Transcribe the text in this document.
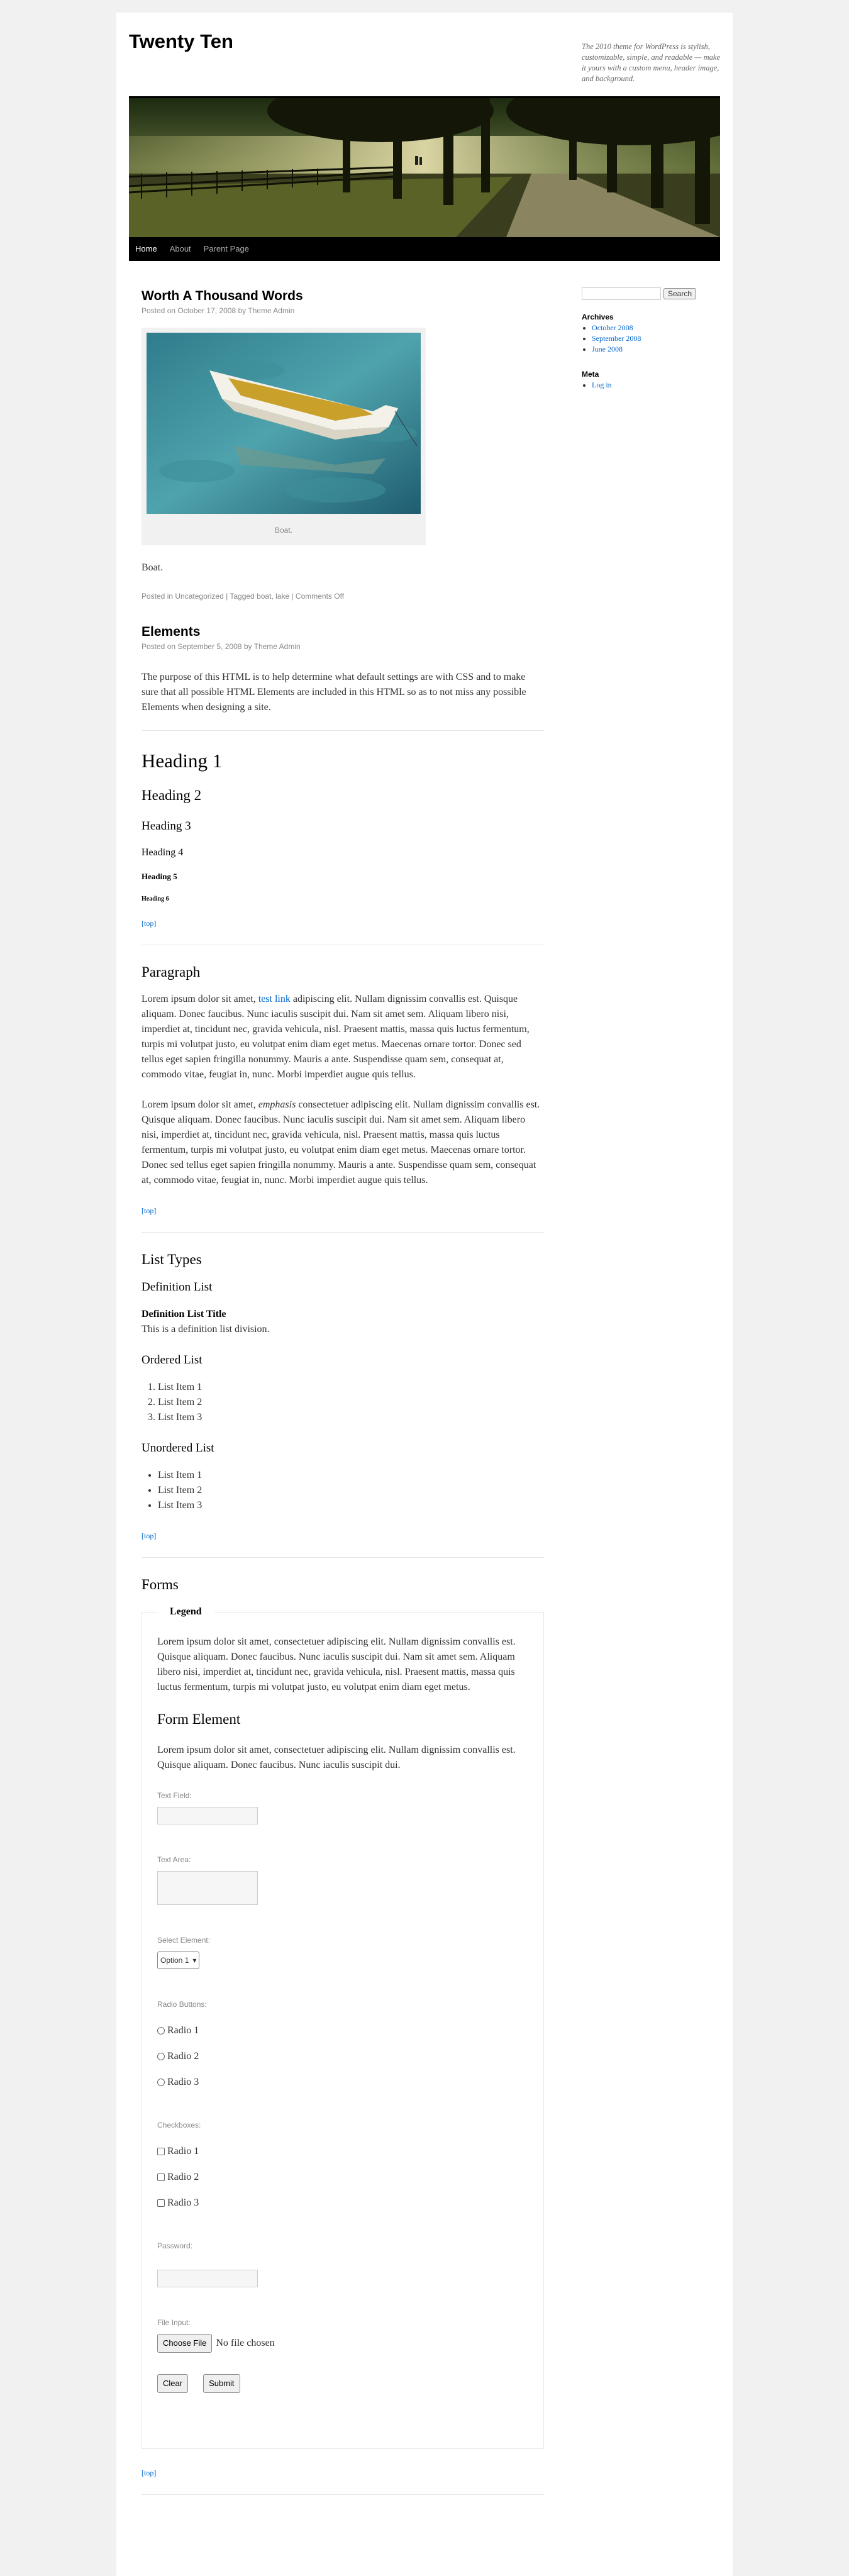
Twenty Ten	The 2010 theme for WordPress is stylish, customizable, simple, and readable — make it yours with a custom menu, header image, and background.
Home	About	Parent Page
Worth A Thousand Words
Posted on October 17, 2008 by Theme Admin
Boat.

Boat.

Posted in Uncategorized | Tagged boat, lake | Comments Off
Elements
Posted on September 5, 2008 by Theme Admin

The purpose of this HTML is to help determine what default settings are with CSS and to make sure that all possible HTML Elements are included in this HTML so as to not miss any possible Elements when designing a site.

Heading 1
Heading 2
Heading 3
Heading 4
Heading 5
Heading 6
[top]
Paragraph

Lorem ipsum dolor sit amet, test link adipiscing elit. Nullam dignissim convallis est. Quisque aliquam. Donec faucibus. Nunc iaculis suscipit dui. Nam sit amet sem. Aliquam libero nisi, imperdiet at, tincidunt nec, gravida vehicula, nisl. Praesent mattis, massa quis luctus fermentum, turpis mi volutpat justo, eu volutpat enim diam eget metus. Maecenas ornare tortor. Donec sed tellus eget sapien fringilla nonummy. Mauris a ante. Suspendisse quam sem, consequat at, commodo vitae, feugiat in, nunc. Morbi imperdiet augue quis tellus.

Lorem ipsum dolor sit amet, emphasis consectetuer adipiscing elit. Nullam dignissim convallis est. Quisque aliquam. Donec faucibus. Nunc iaculis suscipit dui. Nam sit amet sem. Aliquam libero nisi, imperdiet at, tincidunt nec, gravida vehicula, nisl. Praesent mattis, massa quis luctus fermentum, turpis mi volutpat justo, eu volutpat enim diam eget metus. Maecenas ornare tortor. Donec sed tellus eget sapien fringilla nonummy. Mauris a ante. Suspendisse quam sem, consequat at, commodo vitae, feugiat in, nunc. Morbi imperdiet augue quis tellus.

[top]
List Types
Definition List
Definition List Title
This is a definition list division.
Ordered List
1. List Item 1
2. List Item 2
3. List Item 3
Unordered List
• List Item 1
• List Item 2
• List Item 3
[top]
Forms
Legend

Lorem ipsum dolor sit amet, consectetuer adipiscing elit. Nullam dignissim convallis est. Quisque aliquam. Donec faucibus. Nunc iaculis suscipit dui. Nam sit amet sem. Aliquam libero nisi, imperdiet at, tincidunt nec, gravida vehicula, nisl. Praesent mattis, massa quis luctus fermentum, turpis mi volutpat justo, eu volutpat enim diam eget metus.

Form Element

Lorem ipsum dolor sit amet, consectetuer adipiscing elit. Nullam dignissim convallis est. Quisque aliquam. Donec faucibus. Nunc iaculis suscipit dui.

Text Field:
Text Area:
Select Element:
Option 1 ▾
Radio Buttons:
Radio 1
Radio 2
Radio 3
Checkboxes:
Radio 1
Radio 2
Radio 3
Password:
File Input:
Choose File No file chosen
Clear	Submit
[top]
Search
Archives
• October 2008
• September 2008
• June 2008
Meta
• Log in
